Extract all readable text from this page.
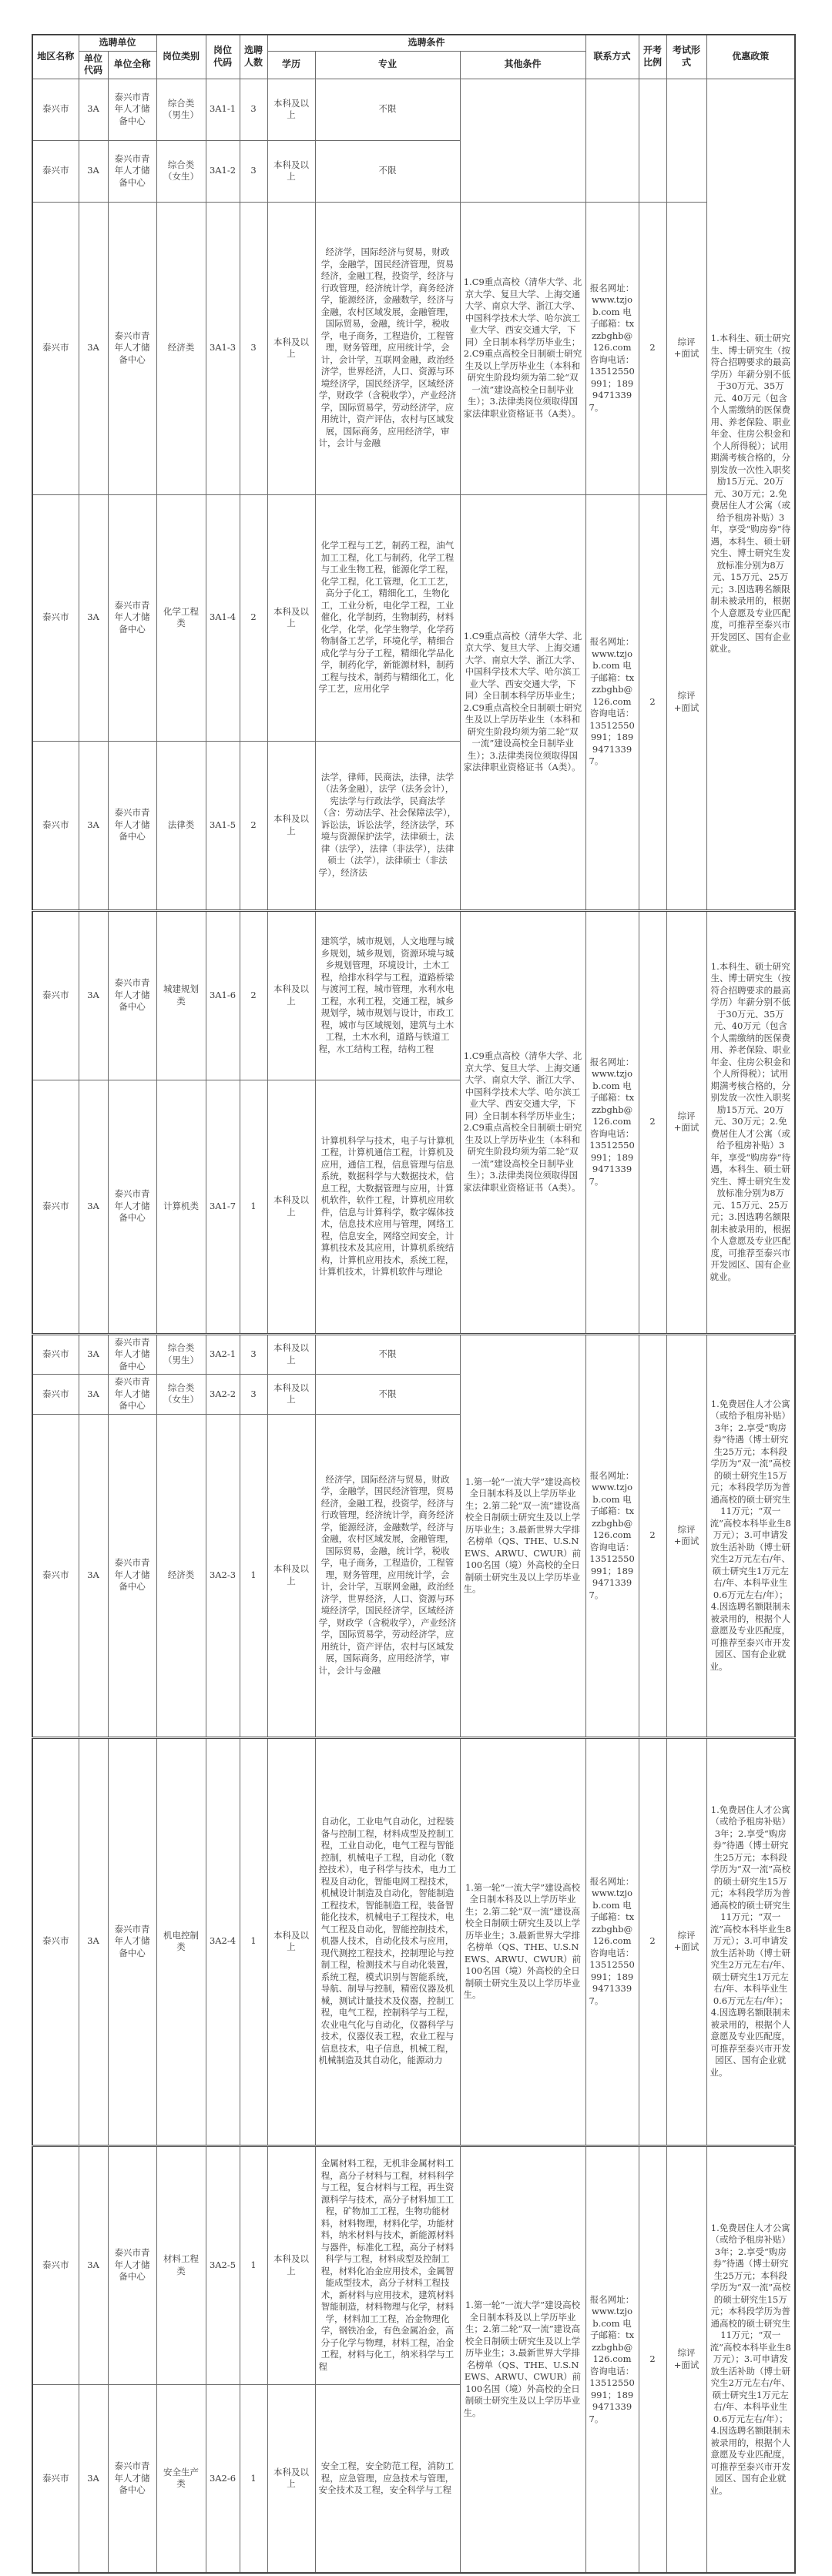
地区名称	选聘单位		岗位类别	岗位代码	选聘人数	选聘条件			联系方式	开考比例	考试形式	优惠政策
	单位代码	单位全称				学历	专业	其他条件				
泰兴市	3A	泰兴市青年人才储备中心	综合类（男生）	3A1-1	3	本科及以上	不限					1.本科生、硕士研究生、博士研究生（按符合招聘要求的最高学历）年薪分别不低于30万元、35万元、40万元（包含个人需缴纳的医保费用、养老保险、职业年金、住房公积金和个人所得税）；试用期满考核合格的，分别发放一次性入职奖励15万元、20万元、30万元；2.免费居住人才公寓（或给予租房补贴）3年，享受“购房券”待遇，本科生、硕士研究生、博士研究生发放标准分别为8万元、15万元、25万元；3.因选聘名额限制未被录用的，根据个人意愿及专业匹配度，可推荐至泰兴市开发园区、国有企业就业。
泰兴市	3A	泰兴市青年人才储备中心	综合类（女生）	3A1-2	3	本科及以上	不限					
泰兴市	3A	泰兴市青年人才储备中心	经济类	3A1-3	3	本科及以上	经济学，国际经济与贸易，财政学，金融学，国民经济管理，贸易经济，金融工程，投资学，经济与行政管理，经济统计学，商务经济学，能源经济，金融数学，经济与金融，农村区域发展，金融管理，国际贸易，金融，统计学，税收学，电子商务，工程造价，工程管理，财务管理，应用统计学，会计，会计学，互联网金融，政治经济学，世界经济，人口、资源与环境经济学，国民经济学，区域经济学，财政学（含税收学），产业经济学，国际贸易学，劳动经济学，应用统计，资产评估，农村与区域发展，国际商务，应用经济学，审计，会计与金融	1.C9重点高校（清华大学、北京大学、复旦大学、上海交通大学、南京大学、浙江大学、中国科学技术大学、哈尔滨工业大学、西安交通大学，下同）全日制本科学历毕业生；2.C9重点高校全日制硕士研究生及以上学历毕业生（本科和研究生阶段均须为第二轮“双一流”建设高校全日制毕业生）；3.法律类岗位须取得国家法律职业资格证书（A类）。	报名网址：www.tzjob.com 电子邮箱：txzzbghb@126.com 咨询电话：13512550991；18994713397。	2	综评+面试	
泰兴市	3A	泰兴市青年人才储备中心	化学工程类	3A1-4	2	本科及以上	化学工程与工艺，制药工程，油气加工工程，化工与制药，化学工程与工业生物工程，能源化学工程，化学工程，化工管理，化工工艺，高分子化工，精细化工，生物化工，工业分析，电化学工程，工业催化，化学制药，生物制药，材料化学，化学，化学生物学，化学药物制备工艺学，环境化学，精细合成化学与分子工程，精细化学品化学，制药化学，新能源材料，制药工程与技术，制药与精细化工，化学工艺，应用化学	1.C9重点高校（清华大学、北京大学、复旦大学、上海交通大学、南京大学、浙江大学、中国科学技术大学、哈尔滨工业大学、西安交通大学，下同）全日制本科学历毕业生；2.C9重点高校全日制硕士研究生及以上学历毕业生（本科和研究生阶段均须为第二轮“双一流”建设高校全日制毕业生）；3.法律类岗位须取得国家法律职业资格证书（A类）。	报名网址：www.tzjob.com 电子邮箱：txzzbghb@126.com 咨询电话：13512550991；18994713397。	2	综评+面试	
泰兴市	3A	泰兴市青年人才储备中心	法律类	3A1-5	2	本科及以上	法学，律师，民商法，法律，法学（法务金融），法学（法务会计），宪法学与行政法学，民商法学（含：劳动法学、社会保障法学），诉讼法，诉讼法学，经济法学，环境与资源保护法学，法律硕士，法律（法学），法律（非法学），法律硕士（法学），法律硕士（非法学），经济法					
泰兴市	3A	泰兴市青年人才储备中心	城建规划类	3A1-6	2	本科及以上	建筑学，城市规划，人文地理与城乡规划，城乡规划，资源环境与城乡规划管理，环境设计，土木工程，给排水科学与工程，道路桥梁与渡河工程，城市管理，水利水电工程，水利工程，交通工程，城乡规划学，城市规划与设计，市政工程，城市与区域规划，建筑与土木工程，土木水利，道路与铁道工程，水工结构工程，结构工程	1.C9重点高校（清华大学、北京大学、复旦大学、上海交通大学、南京大学、浙江大学、中国科学技术大学、哈尔滨工业大学、西安交通大学，下同）全日制本科学历毕业生；2.C9重点高校全日制硕士研究生及以上学历毕业生（本科和研究生阶段均须为第二轮“双一流”建设高校全日制毕业生）；3.法律类岗位须取得国家法律职业资格证书（A类）。	报名网址：www.tzjob.com 电子邮箱：txzzbghb@126.com 咨询电话：13512550991；18994713397。	2	综评+面试	1.本科生、硕士研究生、博士研究生（按符合招聘要求的最高学历）年薪分别不低于30万元、35万元、40万元（包含个人需缴纳的医保费用、养老保险、职业年金、住房公积金和个人所得税）；试用期满考核合格的，分别发放一次性入职奖励15万元、20万元、30万元；2.免费居住人才公寓（或给予租房补贴）3年，享受“购房券”待遇，本科生、硕士研究生、博士研究生发放标准分别为8万元、15万元、25万元；3.因选聘名额限制未被录用的，根据个人意愿及专业匹配度，可推荐至泰兴市开发园区、国有企业就业。
泰兴市	3A	泰兴市青年人才储备中心	计算机类	3A1-7	1	本科及以上	计算机科学与技术，电子与计算机工程，计算机通信工程，计算机及应用，通信工程，信息管理与信息系统，数据科学与大数据技术，信息工程，大数据管理与应用，计算机软件，软件工程，计算机应用软件，信息与计算科学，数字媒体技术，信息技术应用与管理，网络工程，信息安全，网络空间安全，计算机技术及其应用，计算机系统结构，计算机应用技术，系统工程，计算机技术，计算机软件与理论					
泰兴市	3A	泰兴市青年人才储备中心	综合类（男生）	3A2-1	3	本科及以上	不限	1.第一轮“一流大学”建设高校全日制本科及以上学历毕业生；2.第二轮“双一流”建设高校全日制硕士研究生及以上学历毕业生；3.最新世界大学排名榜单（QS、THE、U.S.NEWS、ARWU、CWUR）前100名国（境）外高校的全日制硕士研究生及以上学历毕业生。	报名网址：www.tzjob.com 电子邮箱：txzzbghb@126.com 咨询电话：13512550991；18994713397。	2	综评+面试	1.免费居住人才公寓（或给予租房补贴）3年；2.享受“购房券”待遇（博士研究生25万元；本科段学历为“双一流”高校的硕士研究生15万元；本科段学历为普通高校的硕士研究生11万元；“双一流”高校本科毕业生8万元）；3.可申请发放生活补助（博士研究生2万元左右/年、硕士研究生1万元左右/年、本科毕业生0.6万元左右/年）；4.因选聘名额限制未被录用的，根据个人意愿及专业匹配度，可推荐至泰兴市开发园区、国有企业就业。
泰兴市	3A	泰兴市青年人才储备中心	综合类（女生）	3A2-2	3	本科及以上	不限					
泰兴市	3A	泰兴市青年人才储备中心	经济类	3A2-3	1	本科及以上	经济学，国际经济与贸易，财政学，金融学，国民经济管理，贸易经济，金融工程，投资学，经济与行政管理，经济统计学，商务经济学，能源经济，金融数学，经济与金融，农村区域发展，金融管理，国际贸易，金融，统计学，税收学，电子商务，工程造价，工程管理，财务管理，应用统计学，会计，会计学，互联网金融，政治经济学，世界经济，人口、资源与环境经济学，国民经济学，区域经济学，财政学（含税收学），产业经济学，国际贸易学，劳动经济学，应用统计，资产评估，农村与区域发展，国际商务，应用经济学，审计，会计与金融					
泰兴市	3A	泰兴市青年人才储备中心	机电控制类	3A2-4	1	本科及以上	自动化，工业电气自动化，过程装备与控制工程，材料成型及控制工程，工业自动化，电气工程与智能控制，机械电子工程，自动化（数控技术），电子科学与技术，电力工程及自动化，智能电网工程技术，机械设计制造及自动化，智能制造工程技术，智能制造工程，装备智能化技术，机械电子工程技术，电气工程及自动化，智能控制技术，机器人技术，自动化技术与应用，现代测控工程技术，控制理论与控制工程，检测技术与自动化装置，系统工程，模式识别与智能系统，导航、制导与控制，精密仪器及机械，测试计量技术及仪器，控制工程，电气工程，控制科学与工程，农业电气化与自动化，仪器科学与技术，仪器仪表工程，农业工程与信息技术，电子信息，机械工程，机械制造及其自动化，能源动力	1.第一轮“一流大学”建设高校全日制本科及以上学历毕业生；2.第二轮“双一流”建设高校全日制硕士研究生及以上学历毕业生；3.最新世界大学排名榜单（QS、THE、U.S.NEWS、ARWU、CWUR）前100名国（境）外高校的全日制硕士研究生及以上学历毕业生。	报名网址：www.tzjob.com 电子邮箱：txzzbghb@126.com 咨询电话：13512550991；18994713397。	2	综评+面试	1.免费居住人才公寓（或给予租房补贴）3年；2.享受“购房券”待遇（博士研究生25万元；本科段学历为“双一流”高校的硕士研究生15万元；本科段学历为普通高校的硕士研究生11万元；“双一流”高校本科毕业生8万元）；3.可申请发放生活补助（博士研究生2万元左右/年、硕士研究生1万元左右/年、本科毕业生0.6万元左右/年）；4.因选聘名额限制未被录用的，根据个人意愿及专业匹配度，可推荐至泰兴市开发园区、国有企业就业。
泰兴市	3A	泰兴市青年人才储备中心	材料工程类	3A2-5	1	本科及以上	金属材料工程，无机非金属材料工程，高分子材料与工程，材料科学与工程，复合材料与工程，再生资源科学与技术，高分子材料加工工程，矿物加工工程，生物功能材料，材料物理，材料化学，功能材料，纳米材料与技术，新能源材料与器件，标准化工程，高分子材料科学与工程，材料成型及控制工程，材料化冶金应用技术，金属智能成型技术，高分子材料工程技术，新材料与应用技术，建筑材料智能制造，材料物理与化学，材料学，材料加工工程，冶金物理化学，钢铁冶金，有色金属冶金，高分子化学与物理，材料工程，冶金工程，材料与化工，纳米科学与工程	1.第一轮“一流大学”建设高校全日制本科及以上学历毕业生；2.第二轮“双一流”建设高校全日制硕士研究生及以上学历毕业生；3.最新世界大学排名榜单（QS、THE、U.S.NEWS、ARWU、CWUR）前100名国（境）外高校的全日制硕士研究生及以上学历毕业生。	报名网址：www.tzjob.com 电子邮箱：txzzbghb@126.com 咨询电话：13512550991；18994713397。	2	综评+面试	1.免费居住人才公寓（或给予租房补贴）3年；2.享受“购房券”待遇（博士研究生25万元；本科段学历为“双一流”高校的硕士研究生15万元；本科段学历为普通高校的硕士研究生11万元；“双一流”高校本科毕业生8万元）；3.可申请发放生活补助（博士研究生2万元左右/年、硕士研究生1万元左右/年、本科毕业生0.6万元左右/年）；4.因选聘名额限制未被录用的，根据个人意愿及专业匹配度，可推荐至泰兴市开发园区、国有企业就业。
泰兴市	3A	泰兴市青年人才储备中心	安全生产类	3A2-6	1	本科及以上	安全工程，安全防范工程，消防工程，应急管理，应急技术与管理，安全技术及工程，安全科学与工程					
